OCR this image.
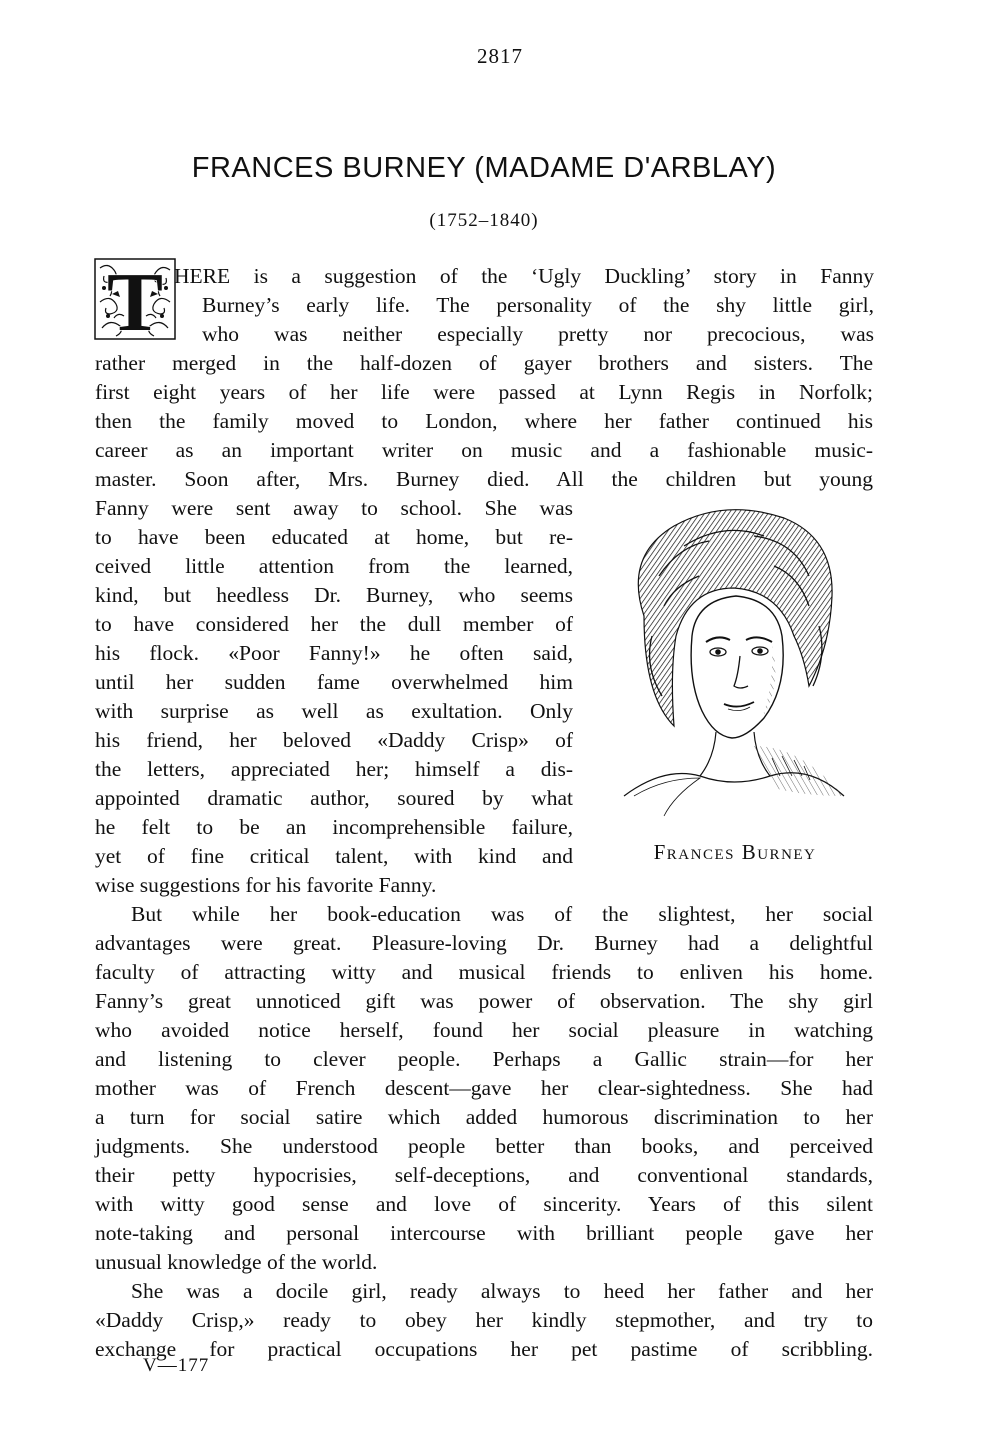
2817
FRANCES BURNEY (MADAME D'ARBLAY)
(1752–1840)
T HERE is a suggestion of the ‘Ugly Duckling’ story in Fanny
Burney’s early life. The personality of the shy little girl,
who was neither especially pretty nor precocious, was
rather merged in the half-dozen of gayer brothers and sisters. The
first eight years of her life were passed at Lynn Regis in Norfolk;
then the family moved to London, where her father continued his
career as an important writer on music and a fashionable music-
master. Soon after, Mrs. Burney died. All the children but young
Fanny were sent away to school. She was
to have been educated at home, but re-
ceived little attention from the learned,
kind, but heedless Dr. Burney, who seems
to have considered her the dull member of
his flock. «Poor Fanny!» he often said,
until her sudden fame overwhelmed him
with surprise as well as exultation. Only
his friend, her beloved «Daddy Crisp» of
the letters, appreciated her; himself a dis-
appointed dramatic author, soured by what
he felt to be an incomprehensible failure,
yet of fine critical talent, with kind and
wise suggestions for his favorite Fanny.
But while her book-education was of the slightest, her social
advantages were great. Pleasure-loving Dr. Burney had a delightful
faculty of attracting witty and musical friends to enliven his home.
Fanny’s great unnoticed gift was power of observation. The shy girl
who avoided notice herself, found her social pleasure in watching
and listening to clever people. Perhaps a Gallic strain—for her
mother was of French descent—gave her clear-sightedness. She had
a turn for social satire which added humorous discrimination to her
judgments. She understood people better than books, and perceived
their petty hypocrisies, self-deceptions, and conventional standards,
with witty good sense and love of sincerity. Years of this silent
note-taking and personal intercourse with brilliant people gave her
unusual knowledge of the world.
She was a docile girl, ready always to heed her father and her
«Daddy Crisp,» ready to obey her kindly stepmother, and try to
exchange for practical occupations her pet pastime of scribbling.
Frances Burney
V—177
